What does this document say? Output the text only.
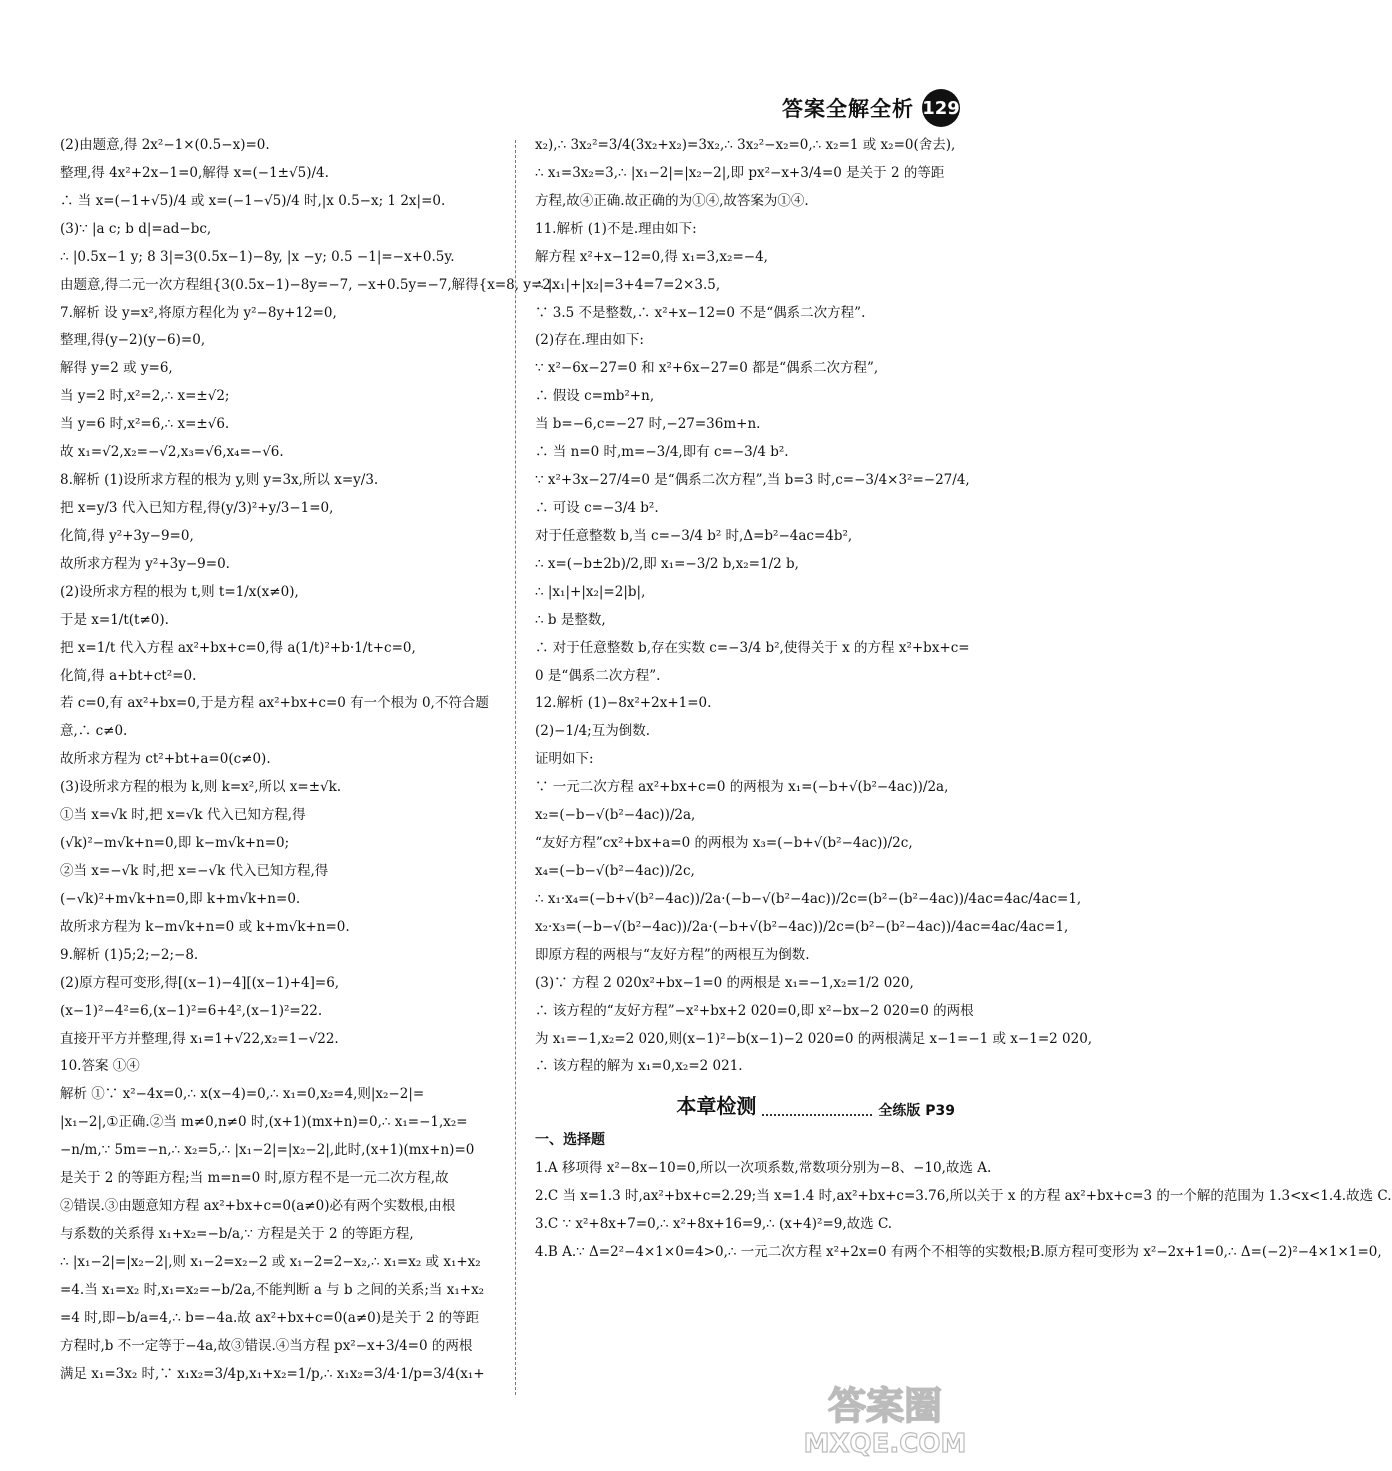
答案全解全析 129
(2)由题意,得 2x²−1×(0.5−x)=0.
整理,得 4x²+2x−1=0,解得 x=(−1±√5)/4.
∴ 当 x=(−1+√5)/4 或 x=(−1−√5)/4 时,|x 0.5−x; 1 2x|=0.
(3)∵ |a c; b d|=ad−bc,
∴ |0.5x−1 y; 8 3|=3(0.5x−1)−8y, |x −y; 0.5 −1|=−x+0.5y.
由题意,得二元一次方程组{3(0.5x−1)−8y=−7, −x+0.5y=−7,解得{x=8, y=2.
7.解析 设 y=x²,将原方程化为 y²−8y+12=0,
整理,得(y−2)(y−6)=0,
解得 y=2 或 y=6,
当 y=2 时,x²=2,∴ x=±√2;
当 y=6 时,x²=6,∴ x=±√6.
故 x₁=√2,x₂=−√2,x₃=√6,x₄=−√6.
8.解析 (1)设所求方程的根为 y,则 y=3x,所以 x=y/3.
把 x=y/3 代入已知方程,得(y/3)²+y/3−1=0,
化简,得 y²+3y−9=0,
故所求方程为 y²+3y−9=0.
(2)设所求方程的根为 t,则 t=1/x(x≠0),
于是 x=1/t(t≠0).
把 x=1/t 代入方程 ax²+bx+c=0,得 a(1/t)²+b·1/t+c=0,
化简,得 a+bt+ct²=0.
若 c=0,有 ax²+bx=0,于是方程 ax²+bx+c=0 有一个根为 0,不符合题
意,∴ c≠0.
故所求方程为 ct²+bt+a=0(c≠0).
(3)设所求方程的根为 k,则 k=x²,所以 x=±√k.
①当 x=√k 时,把 x=√k 代入已知方程,得
(√k)²−m√k+n=0,即 k−m√k+n=0;
②当 x=−√k 时,把 x=−√k 代入已知方程,得
(−√k)²+m√k+n=0,即 k+m√k+n=0.
故所求方程为 k−m√k+n=0 或 k+m√k+n=0.
9.解析 (1)5;2;−2;−8.
(2)原方程可变形,得[(x−1)−4][(x−1)+4]=6,
(x−1)²−4²=6,(x−1)²=6+4²,(x−1)²=22.
直接开平方并整理,得 x₁=1+√22,x₂=1−√22.
10.答案 ①④
解析 ①∵ x²−4x=0,∴ x(x−4)=0,∴ x₁=0,x₂=4,则|x₂−2|=
|x₁−2|,①正确.②当 m≠0,n≠0 时,(x+1)(mx+n)=0,∴ x₁=−1,x₂=
−n/m,∵ 5m=−n,∴ x₂=5,∴ |x₁−2|=|x₂−2|,此时,(x+1)(mx+n)=0
是关于 2 的等距方程;当 m=n=0 时,原方程不是一元二次方程,故
②错误.③由题意知方程 ax²+bx+c=0(a≠0)必有两个实数根,由根
与系数的关系得 x₁+x₂=−b/a,∵ 方程是关于 2 的等距方程,
∴ |x₁−2|=|x₂−2|,则 x₁−2=x₂−2 或 x₁−2=2−x₂,∴ x₁=x₂ 或 x₁+x₂
=4.当 x₁=x₂ 时,x₁=x₂=−b/2a,不能判断 a 与 b 之间的关系;当 x₁+x₂
=4 时,即−b/a=4,∴ b=−4a.故 ax²+bx+c=0(a≠0)是关于 2 的等距
方程时,b 不一定等于−4a,故③错误.④当方程 px²−x+3/4=0 的两根
满足 x₁=3x₂ 时,∵ x₁x₂=3/4p,x₁+x₂=1/p,∴ x₁x₂=3/4·1/p=3/4(x₁+
x₂),∴ 3x₂²=3/4(3x₂+x₂)=3x₂,∴ 3x₂²−x₂=0,∴ x₂=1 或 x₂=0(舍去),
∴ x₁=3x₂=3,∴ |x₁−2|=|x₂−2|,即 px²−x+3/4=0 是关于 2 的等距
方程,故④正确.故正确的为①④,故答案为①④.
11.解析 (1)不是.理由如下:
解方程 x²+x−12=0,得 x₁=3,x₂=−4,
∴ |x₁|+|x₂|=3+4=7=2×3.5,
∵ 3.5 不是整数,∴ x²+x−12=0 不是“偶系二次方程”.
(2)存在.理由如下:
∵ x²−6x−27=0 和 x²+6x−27=0 都是“偶系二次方程”,
∴ 假设 c=mb²+n,
当 b=−6,c=−27 时,−27=36m+n.
∴ 当 n=0 时,m=−3/4,即有 c=−3/4 b².
∵ x²+3x−27/4=0 是“偶系二次方程”,当 b=3 时,c=−3/4×3²=−27/4,
∴ 可设 c=−3/4 b².
对于任意整数 b,当 c=−3/4 b² 时,Δ=b²−4ac=4b²,
∴ x=(−b±2b)/2,即 x₁=−3/2 b,x₂=1/2 b,
∴ |x₁|+|x₂|=2|b|,
∴ b 是整数,
∴ 对于任意整数 b,存在实数 c=−3/4 b²,使得关于 x 的方程 x²+bx+c=
0 是“偶系二次方程”.
12.解析 (1)−8x²+2x+1=0.
(2)−1/4;互为倒数.
证明如下:
∵ 一元二次方程 ax²+bx+c=0 的两根为 x₁=(−b+√(b²−4ac))/2a,
x₂=(−b−√(b²−4ac))/2a,
“友好方程”cx²+bx+a=0 的两根为 x₃=(−b+√(b²−4ac))/2c,
x₄=(−b−√(b²−4ac))/2c,
∴ x₁·x₄=(−b+√(b²−4ac))/2a·(−b−√(b²−4ac))/2c=(b²−(b²−4ac))/4ac=4ac/4ac=1,
x₂·x₃=(−b−√(b²−4ac))/2a·(−b+√(b²−4ac))/2c=(b²−(b²−4ac))/4ac=4ac/4ac=1,
即原方程的两根与“友好方程”的两根互为倒数.
(3)∵ 方程 2 020x²+bx−1=0 的两根是 x₁=−1,x₂=1/2 020,
∴ 该方程的“友好方程”−x²+bx+2 020=0,即 x²−bx−2 020=0 的两根
为 x₁=−1,x₂=2 020,则(x−1)²−b(x−1)−2 020=0 的两根满足 x−1=−1 或 x−1=2 020,
∴ 该方程的解为 x₁=0,x₂=2 021.
本章检测	全练版 P39
一、选择题
1.A 移项得 x²−8x−10=0,所以一次项系数,常数项分别为−8、−10,故选 A.
2.C 当 x=1.3 时,ax²+bx+c=2.29;当 x=1.4 时,ax²+bx+c=3.76,所以关于 x 的方程 ax²+bx+c=3 的一个解的范围为 1.3<x<1.4.故选 C.
3.C ∵ x²+8x+7=0,∴ x²+8x+16=9,∴ (x+4)²=9,故选 C.
4.B A.∵ Δ=2²−4×1×0=4>0,∴ 一元二次方程 x²+2x=0 有两个不相等的实数根;B.原方程可变形为 x²−2x+1=0,∴ Δ=(−2)²−4×1×1=0,
答案圈
MXQE.COM
